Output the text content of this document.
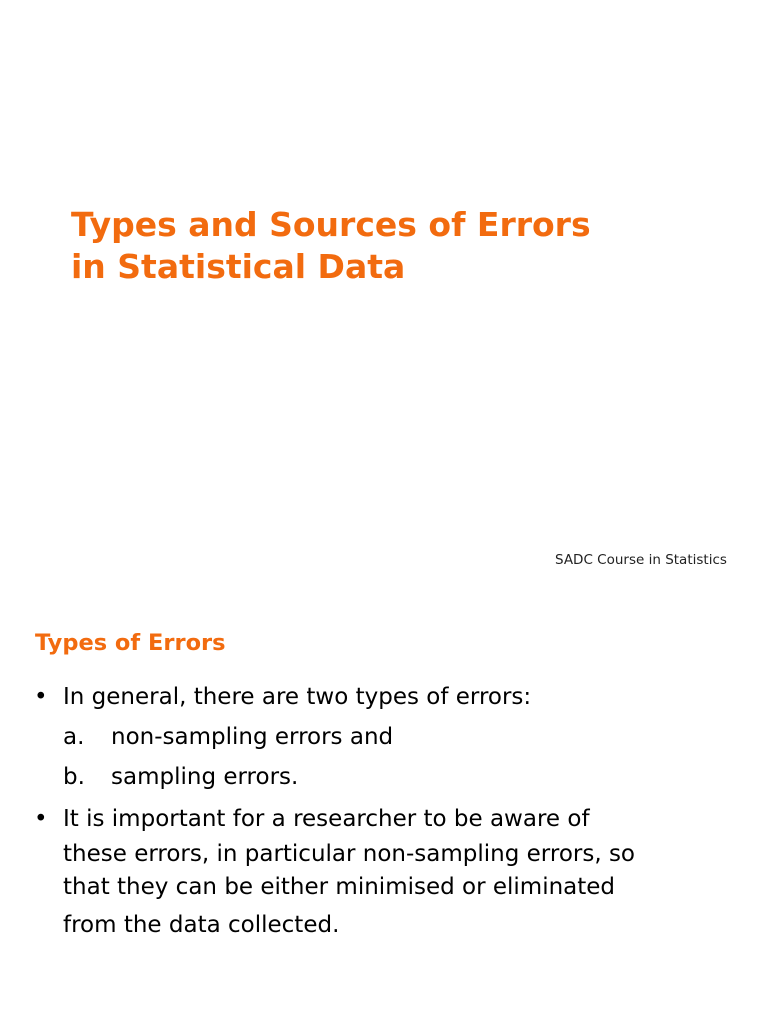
Types and Sources of Errors
in Statistical Data
SADC Course in Statistics
Types of Errors
• In general, there are two types of errors:
a. non-sampling errors and
b. sampling errors.
• It is important for a researcher to be aware of
these errors, in particular non-sampling errors, so
that they can be either minimised or eliminated
from the data collected.
